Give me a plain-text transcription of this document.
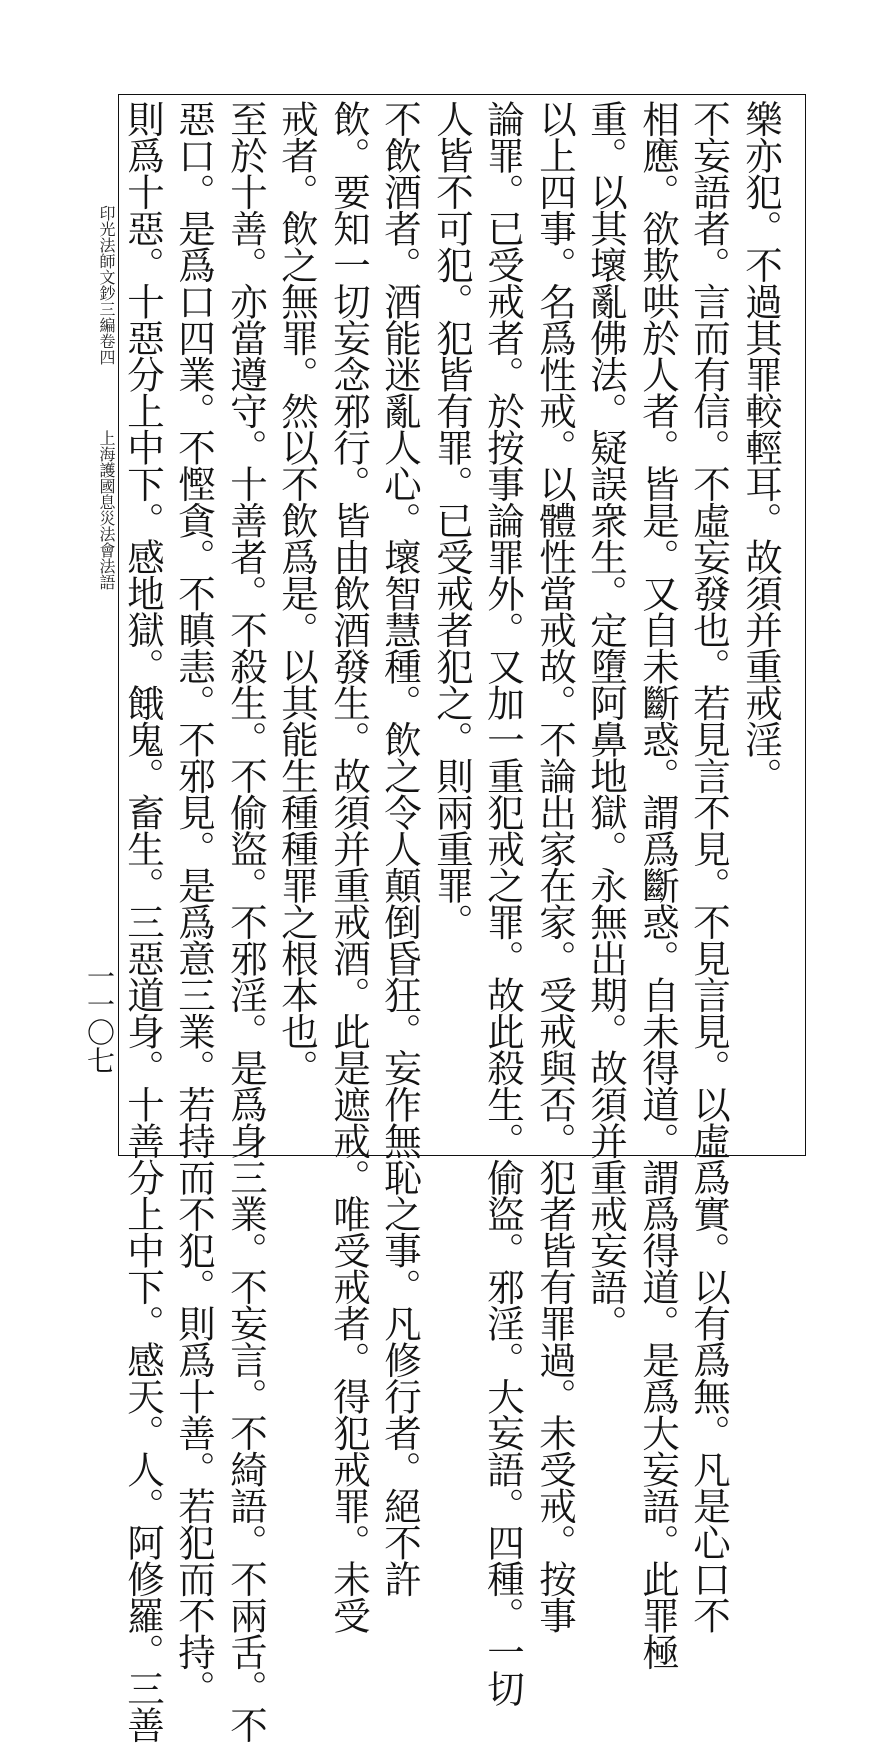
印光法師文鈔三編卷四
上海護國息災法會法語
一一〇七
樂亦犯。不過其罪較輕耳。故須并重戒淫。
不妄語者。言而有信。不虛妄發也。若見言不見。不見言見。以虛爲實。以有爲無。凡是心口不
相應。欲欺哄於人者。皆是。又自未斷惑。謂爲斷惑。自未得道。謂爲得道。是爲大妄語。此罪極
重。以其壞亂佛法。疑誤衆生。定墮阿鼻地獄。永無出期。故須并重戒妄語。
以上四事。名爲性戒。以體性當戒故。不論出家在家。受戒與否。犯者皆有罪過。未受戒。按事
論罪。已受戒者。於按事論罪外。又加一重犯戒之罪。故此殺生。偷盜。邪淫。大妄語。四種。一切
人皆不可犯。犯皆有罪。已受戒者犯之。則兩重罪。
不飲酒者。酒能迷亂人心。壞智慧種。飲之令人顛倒昏狂。妄作無恥之事。凡修行者。絕不許
飲。要知一切妄念邪行。皆由飲酒發生。故須并重戒酒。此是遮戒。唯受戒者。得犯戒罪。未受
戒者。飲之無罪。然以不飲爲是。以其能生種種罪之根本也。
至於十善。亦當遵守。十善者。不殺生。不偷盜。不邪淫。是爲身三業。不妄言。不綺語。不兩舌。不
惡口。是爲口四業。不慳貪。不瞋恚。不邪見。是爲意三業。若持而不犯。則爲十善。若犯而不持。
則爲十惡。十惡分上中下。感地獄。餓鬼。畜生。三惡道身。十善分上中下。感天。人。阿修羅。三善
